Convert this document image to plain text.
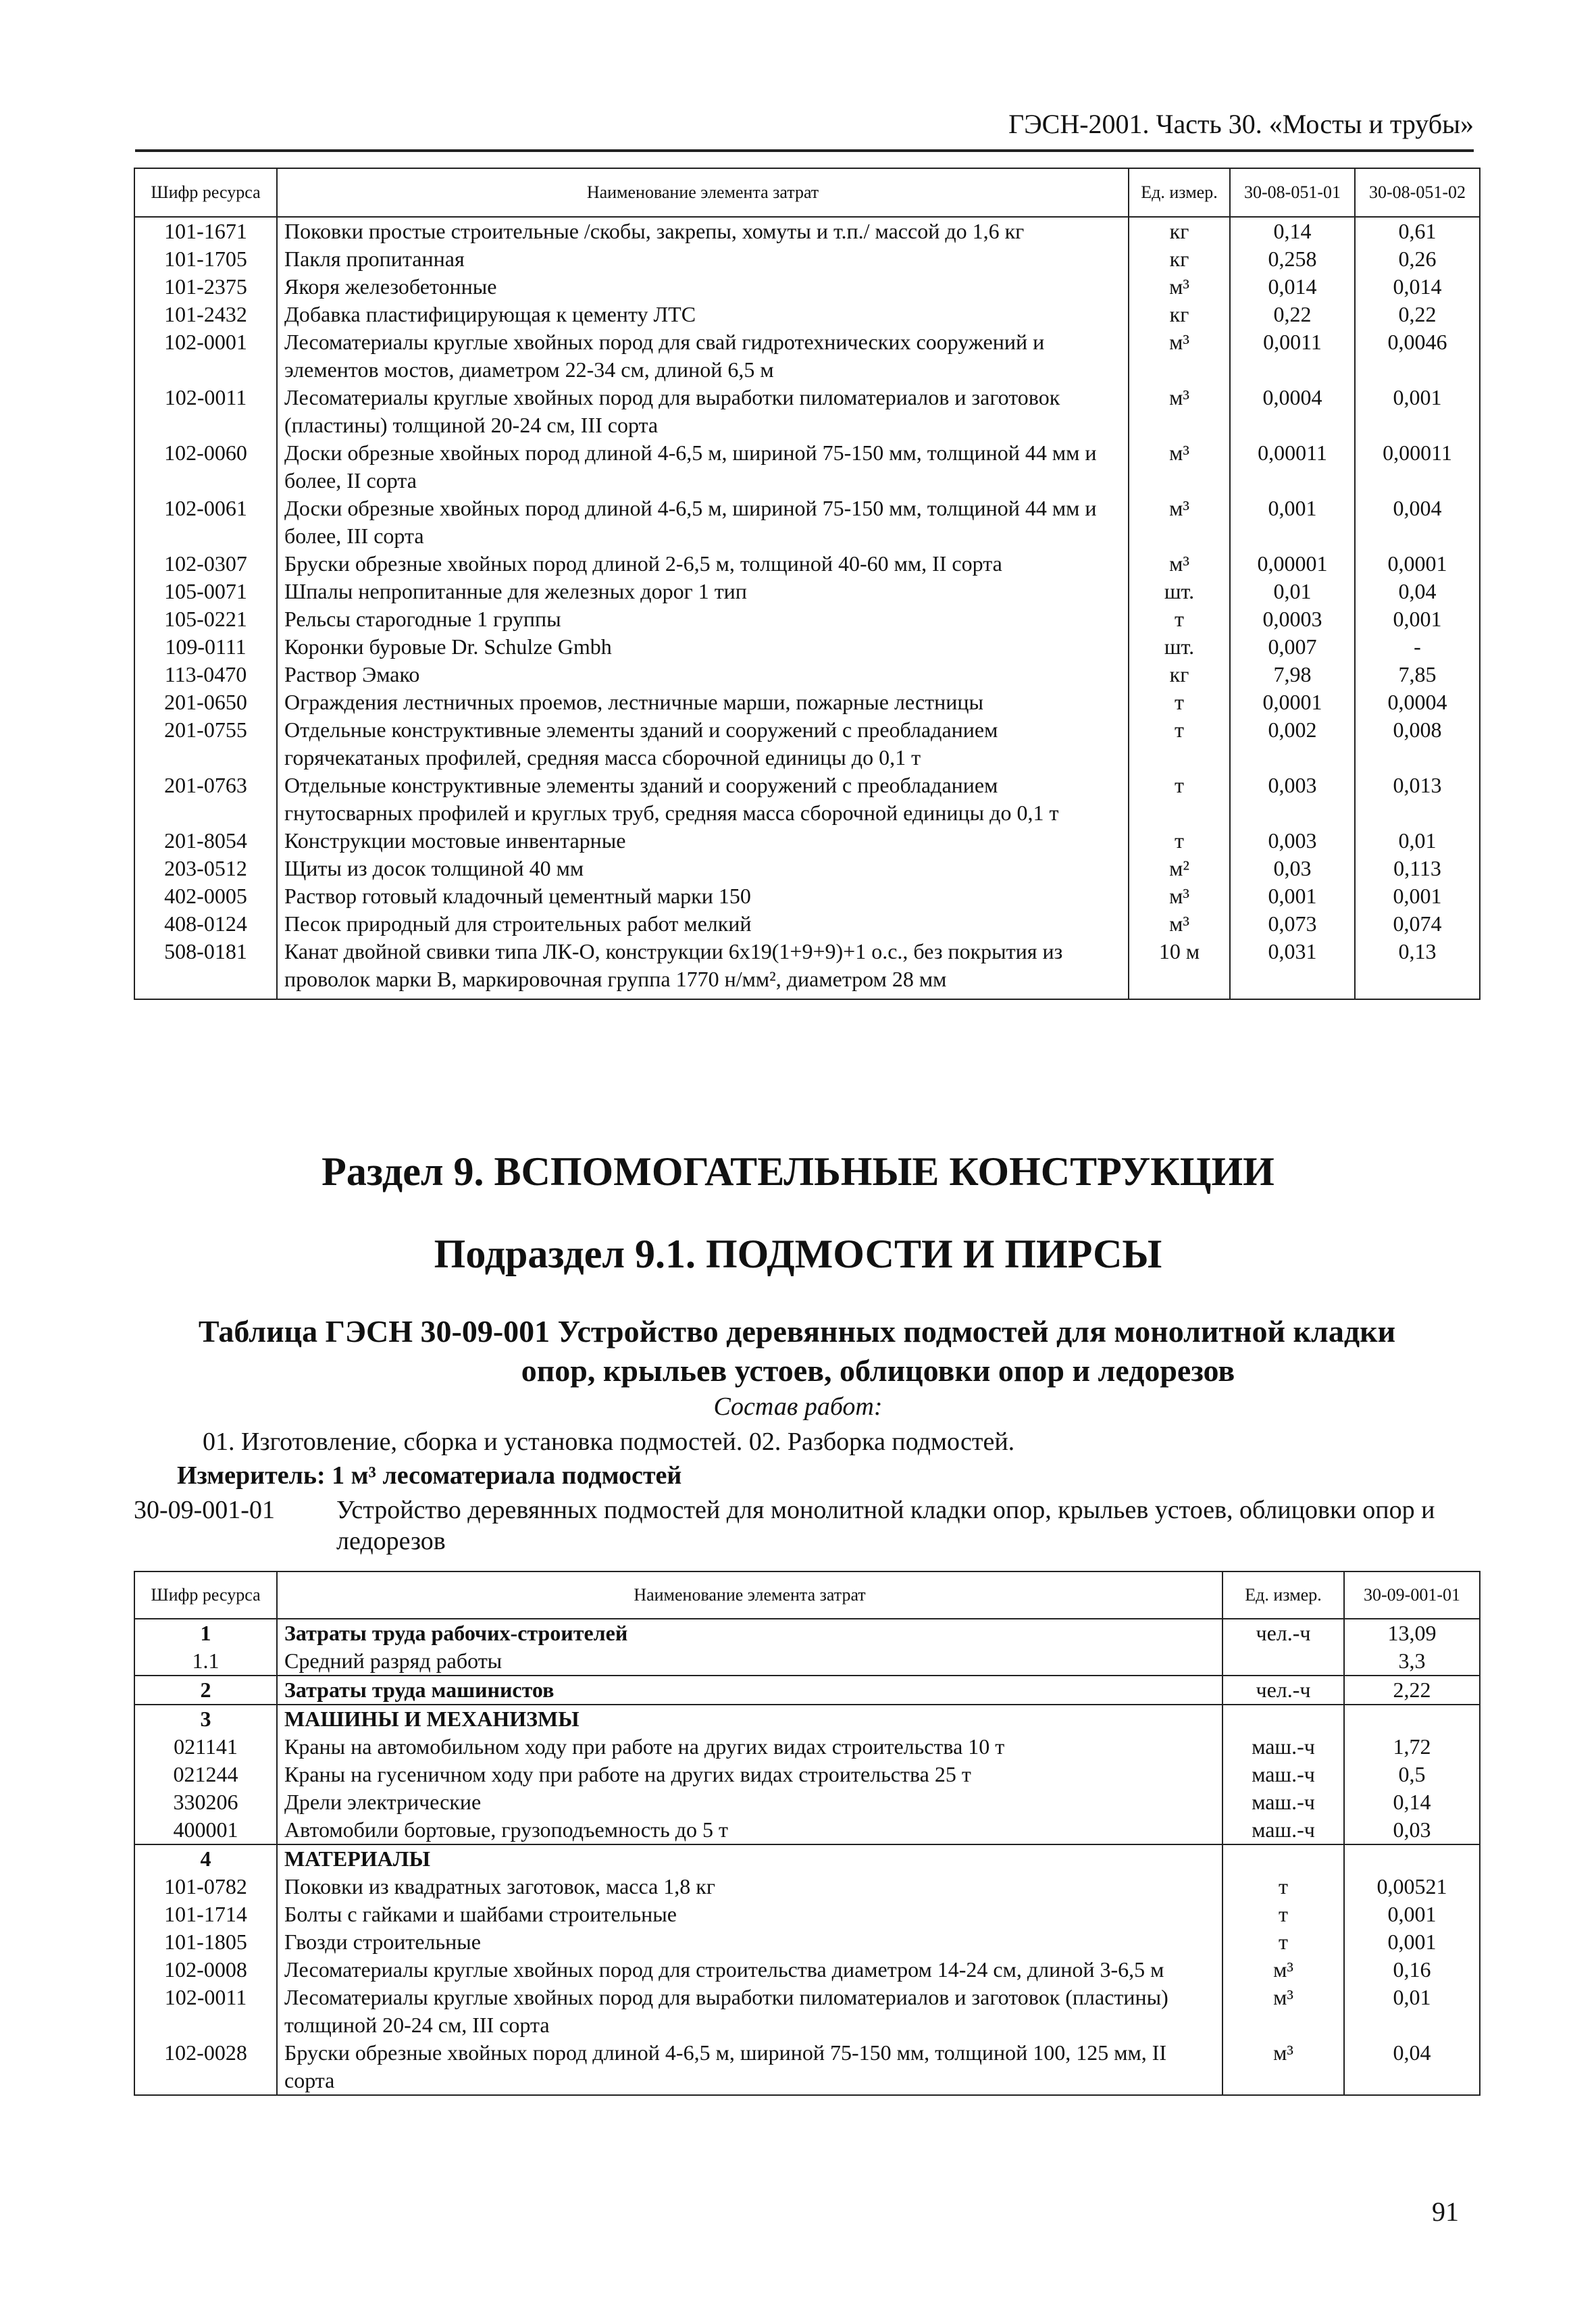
ГЭСН-2001. Часть 30. «Мосты и трубы»
Шифр ресурса	Наименование элемента затрат	Ед. измер.	30-08-051-01	30-08-051-02
101-1671	Поковки простые строительные /скобы, закрепы, хомуты и т.п./ массой до 1,6 кг	кг	0,14	0,61
101-1705	Пакля пропитанная	кг	0,258	0,26
101-2375	Якоря железобетонные	м³	0,014	0,014
101-2432	Добавка пластифицирующая к цементу ЛТС	кг	0,22	0,22
102-0001	Лесоматериалы круглые хвойных пород для свай гидротехнических сооружений и элементов мостов, диаметром 22-34 см, длиной 6,5 м	м³	0,0011	0,0046
102-0011	Лесоматериалы круглые хвойных пород для выработки пиломатериалов и заготовок (пластины) толщиной 20-24 см, III сорта	м³	0,0004	0,001
102-0060	Доски обрезные хвойных пород длиной 4-6,5 м, шириной 75-150 мм, толщиной 44 мм и более, II сорта	м³	0,00011	0,00011
102-0061	Доски обрезные хвойных пород длиной 4-6,5 м, шириной 75-150 мм, толщиной 44 мм и более, III сорта	м³	0,001	0,004
102-0307	Бруски обрезные хвойных пород длиной 2-6,5 м, толщиной 40-60 мм, II сорта	м³	0,00001	0,0001
105-0071	Шпалы непропитанные для железных дорог 1 тип	шт.	0,01	0,04
105-0221	Рельсы старогодные 1 группы	т	0,0003	0,001
109-0111	Коронки буровые Dr. Schulze Gmbh	шт.	0,007	-
113-0470	Раствор Эмако	кг	7,98	7,85
201-0650	Ограждения лестничных проемов, лестничные марши, пожарные лестницы	т	0,0001	0,0004
201-0755	Отдельные конструктивные элементы зданий и сооружений с преобладанием горячекатаных профилей, средняя масса сборочной единицы до 0,1 т	т	0,002	0,008
201-0763	Отдельные конструктивные элементы зданий и сооружений с преобладанием гнутосварных профилей и круглых труб, средняя масса сборочной единицы до 0,1 т	т	0,003	0,013
201-8054	Конструкции мостовые инвентарные	т	0,003	0,01
203-0512	Щиты из досок толщиной 40 мм	м²	0,03	0,113
402-0005	Раствор готовый кладочный цементный марки 150	м³	0,001	0,001
408-0124	Песок природный для строительных работ мелкий	м³	0,073	0,074
508-0181	Канат двойной свивки типа ЛК-О, конструкции 6х19(1+9+9)+1 о.с., без покрытия из проволок марки В, маркировочная группа 1770 н/мм², диаметром 28 мм	10 м	0,031	0,13
Раздел 9. ВСПОМОГАТЕЛЬНЫЕ КОНСТРУКЦИИ
Подраздел 9.1. ПОДМОСТИ И ПИРСЫ
Таблица ГЭСН 30-09-001 Устройство деревянных подмостей для монолитной кладки
опор, крыльев устоев, облицовки опор и ледорезов
Состав работ:
01. Изготовление, сборка и установка подмостей. 02. Разборка подмостей.
Измеритель: 1 м³ лесоматериала подмостей
30-09-001-01 Устройство деревянных подмостей для монолитной кладки опор, крыльев устоев, облицовки опор и ледорезов
Шифр ресурса	Наименование элемента затрат	Ед. измер.	30-09-001-01
1	Затраты труда рабочих-строителей	чел.-ч	13,09
1.1	Средний разряд работы		3,3
2	Затраты труда машинистов	чел.-ч	2,22
3	МАШИНЫ И МЕХАНИЗМЫ		
021141	Краны на автомобильном ходу при работе на других видах строительства 10 т	маш.-ч	1,72
021244	Краны на гусеничном ходу при работе на других видах строительства 25 т	маш.-ч	0,5
330206	Дрели электрические	маш.-ч	0,14
400001	Автомобили бортовые, грузоподъемность до 5 т	маш.-ч	0,03
4	МАТЕРИАЛЫ		
101-0782	Поковки из квадратных заготовок, масса 1,8 кг	т	0,00521
101-1714	Болты с гайками и шайбами строительные	т	0,001
101-1805	Гвозди строительные	т	0,001
102-0008	Лесоматериалы круглые хвойных пород для строительства диаметром 14-24 см, длиной 3-6,5 м	м³	0,16
102-0011	Лесоматериалы круглые хвойных пород для выработки пиломатериалов и заготовок (пластины) толщиной 20-24 см, III сорта	м³	0,01
102-0028	Бруски обрезные хвойных пород длиной 4-6,5 м, шириной 75-150 мм, толщиной 100, 125 мм, II сорта	м³	0,04
91
